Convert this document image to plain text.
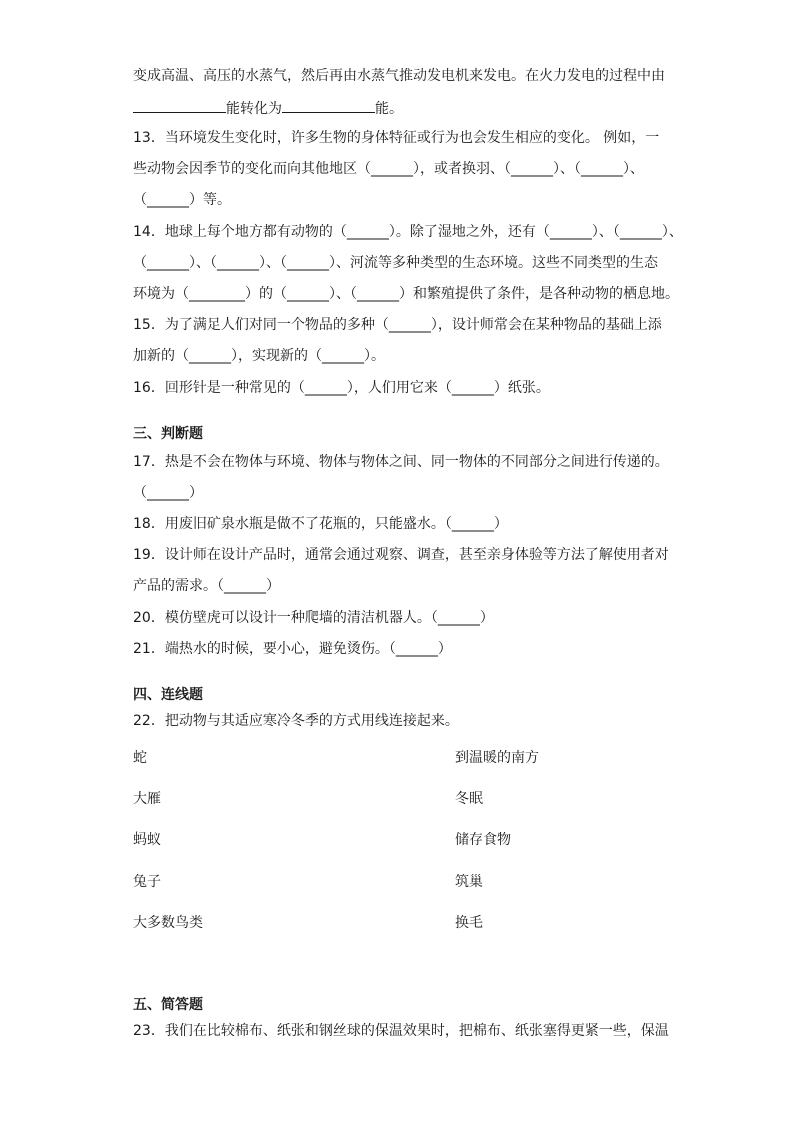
变成高温、高压的水蒸气，然后再由水蒸气推动发电机来发电。在火力发电的过程中由
能转化为	能。
13．当环境发生变化时，许多生物的身体特征或行为也会发生相应的变化。 例如，一
些动物会因季节的变化而向其他地区（______），或者换羽、（______）、（______）、
（______）等。
14．地球上每个地方都有动物的（______）。除了湿地之外，还有（______）、（______）、
（______）、（______）、（______）、河流等多种类型的生态环境。这些不同类型的生态
环境为（________）的（______）、（______）和繁殖提供了条件，是各种动物的栖息地。
15．为了满足人们对同一个物品的多种（______），设计师常会在某种物品的基础上添
加新的（______），实现新的（______）。
16．回形针是一种常见的（______），人们用它来（______）纸张。
三、判断题
17．热是不会在物体与环境、物体与物体之间、同一物体的不同部分之间进行传递的。
（______）
18．用废旧矿泉水瓶是做不了花瓶的，只能盛水。（______）
19．设计师在设计产品时，通常会通过观察、调查，甚至亲身体验等方法了解使用者对
产品的需求。（______）
20．模仿壁虎可以设计一种爬墙的清洁机器人。（______）
21．端热水的时候，要小心，避免烫伤。（______）
四、连线题
22．把动物与其适应寒冷冬季的方式用线连接起来。
蛇	到温暖的南方
大雁	冬眠
蚂蚁	储存食物
兔子	筑巢
大多数鸟类	换毛
五、简答题
23．我们在比较棉布、纸张和钢丝球的保温效果时，把棉布、纸张塞得更紧一些，保温
